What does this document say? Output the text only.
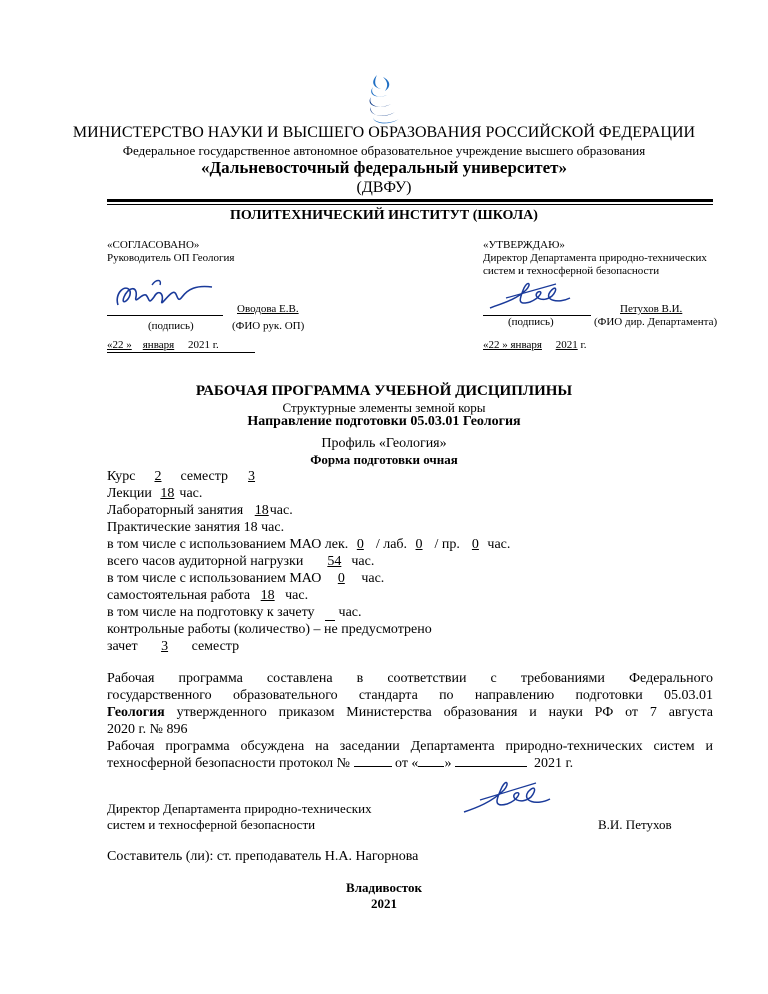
МИНИСТЕРСТВО НАУКИ И ВЫСШЕГО ОБРАЗОВАНИЯ РОССИЙСКОЙ ФЕДЕРАЦИИ
Федеральное государственное автономное образовательное учреждение высшего образования
«Дальневосточный федеральный университет»
(ДВФУ)
ПОЛИТЕХНИЧЕСКИЙ ИНСТИТУТ (ШКОЛА)
«СОГЛАСОВАНО»
Руководитель ОП Геология
Оводова Е.В.
(подпись)	(ФИО рук. ОП)
«22 » января 2021 г.
«УТВЕРЖДАЮ»
Директор Департамента природно-технических
систем и техносферной безопасности
Петухов В.И.
(подпись)	(ФИО дир. Департамента)
«22 » января 2021 г.
РАБОЧАЯ ПРОГРАММА УЧЕБНОЙ ДИСЦИПЛИНЫ
Структурные элементы земной коры
Направление подготовки 05.03.01 Геология
Профиль «Геология»
Форма подготовки очная
Курс 2 семестр 3
Лекции 18 час.
Лабораторный занятия 18час.
Практические занятия 18 час.
в том числе с использованием МАО лек. 0 / лаб. 0 / пр. 0 час.
всего часов аудиторной нагрузки 54 час.
в том числе с использованием МАО 0 час.
самостоятельная работа 18 час.
в том числе на подготовку к зачету час.
контрольные работы (количество) – не предусмотрено
зачет 3 семестр
Рабочая программа составлена в соответствии с требованиями Федерального
государственного образовательного стандарта по направлению подготовки 05.03.01
Геология утвержденного приказом Министерства образования и науки РФ от 7 августа
2020 г. № 896
Рабочая программа обсуждена на заседании Департамента природно-технических систем и
техносферной безопасности протокол №	от « »	2021 г.
Директор Департамента природно-технических
систем и техносферной безопасности	В.И. Петухов
Составитель (ли): ст. преподаватель Н.А. Нагорнова
Владивосток
2021
